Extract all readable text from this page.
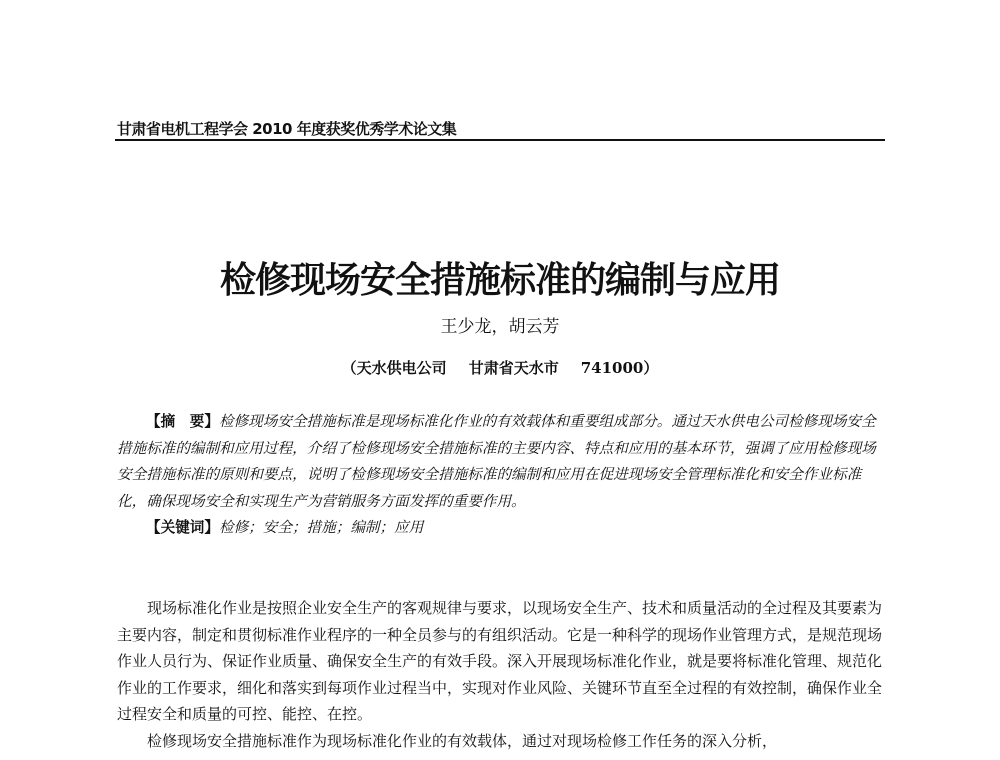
甘肃省电机工程学会 2010 年度获奖优秀学术论文集
检修现场安全措施标准的编制与应用
王少龙，胡云芳
（天水供电公司 甘肃省天水市 741000）

【摘　要】检修现场安全措施标准是现场标准化作业的有效载体和重要组成部分。通过天水供电公司检修现场安全措施标准的编制和应用过程，介绍了检修现场安全措施标准的主要内容、特点和应用的基本环节，强调了应用检修现场安全措施标准的原则和要点，说明了检修现场安全措施标准的编制和应用在促进现场安全管理标准化和安全作业标准化，确保现场安全和实现生产为营销服务方面发挥的重要作用。

【关键词】检修；安全；措施；编制；应用

现场标准化作业是按照企业安全生产的客观规律与要求，以现场安全生产、技术和质量活动的全过程及其要素为主要内容，制定和贯彻标准作业程序的一种全员参与的有组织活动。它是一种科学的现场作业管理方式，是规范现场作业人员行为、保证作业质量、确保安全生产的有效手段。深入开展现场标准化作业，就是要将标准化管理、规范化作业的工作要求，细化和落实到每项作业过程当中，实现对作业风险、关键环节直至全过程的有效控制，确保作业全过程安全和质量的可控、能控、在控。

检修现场安全措施标准作为现场标准化作业的有效载体，通过对现场检修工作任务的深入分析，
